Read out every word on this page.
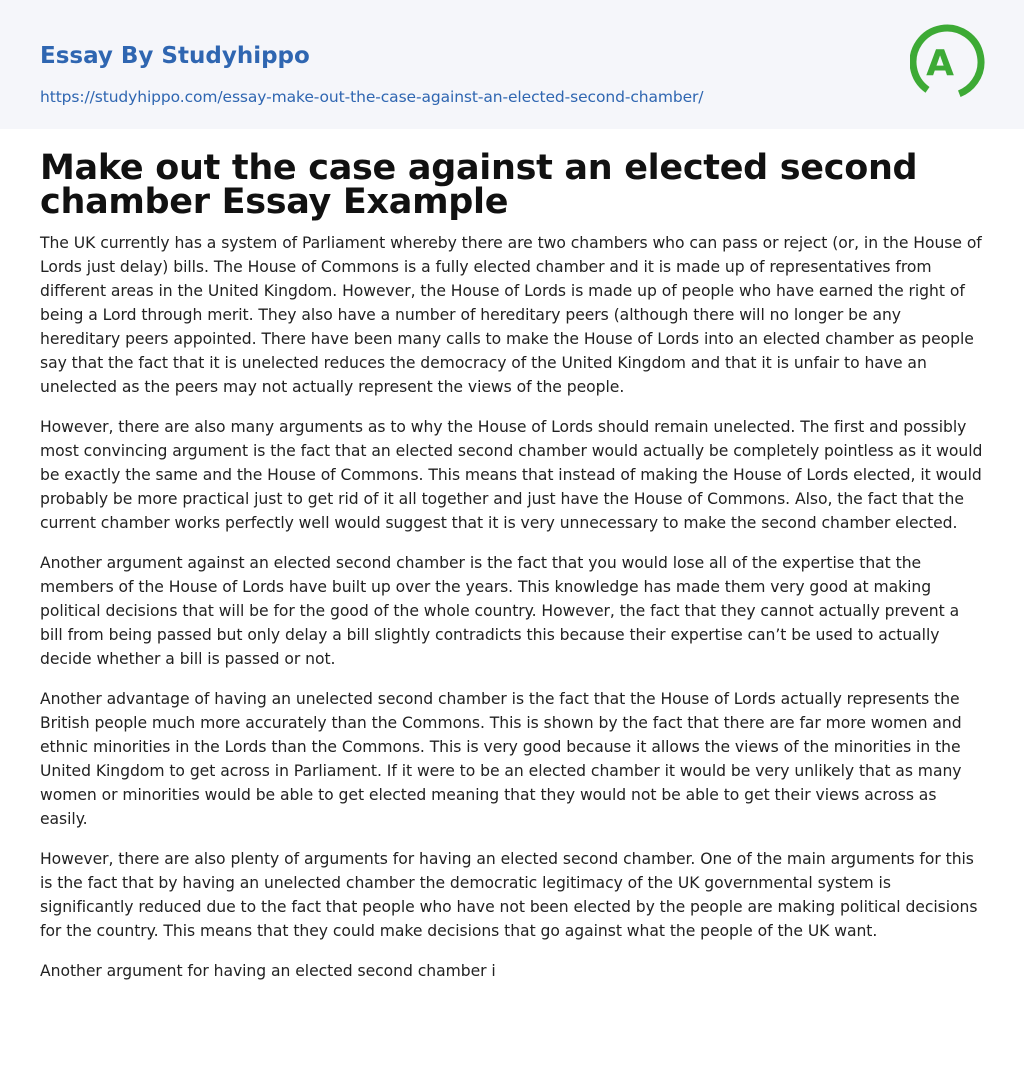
Essay By Studyhippo
https://studyhippo.com/essay-make-out-the-case-against-an-elected-second-chamber/
A
Make out the case against an elected second chamber Essay Example

The UK currently has a system of Parliament whereby there are two chambers who can pass or reject (or, in the House of Lords just delay) bills. The House of Commons is a fully elected chamber and it is made up of representatives from different areas in the United Kingdom. However, the House of Lords is made up of people who have earned the right of being a Lord through merit. They also have a number of hereditary peers (although there will no longer be any hereditary peers appointed. There have been many calls to make the House of Lords into an elected chamber as people say that the fact that it is unelected reduces the democracy of the United Kingdom and that it is unfair to have an unelected as the peers may not actually represent the views of the people.

However, there are also many arguments as to why the House of Lords should remain unelected. The first and possibly most convincing argument is the fact that an elected second chamber would actually be completely pointless as it would be exactly the same and the House of Commons. This means that instead of making the House of Lords elected, it would probably be more practical just to get rid of it all together and just have the House of Commons. Also, the fact that the current chamber works perfectly well would suggest that it is very unnecessary to make the second chamber elected.

Another argument against an elected second chamber is the fact that you would lose all of the expertise that the members of the House of Lords have built up over the years. This knowledge has made them very good at making political decisions that will be for the good of the whole country. However, the fact that they cannot actually prevent a bill from being passed but only delay a bill slightly contradicts this because their expertise can’t be used to actually decide whether a bill is passed or not.

Another advantage of having an unelected second chamber is the fact that the House of Lords actually represents the British people much more accurately than the Commons. This is shown by the fact that there are far more women and ethnic minorities in the Lords than the Commons. This is very good because it allows the views of the minorities in the United Kingdom to get across in Parliament. If it were to be an elected chamber it would be very unlikely that as many women or minorities would be able to get elected meaning that they would not be able to get their views across as easily.

However, there are also plenty of arguments for having an elected second chamber. One of the main arguments for this is the fact that by having an unelected chamber the democratic legitimacy of the UK governmental system is significantly reduced due to the fact that people who have not been elected by the people are making political decisions for the country. This means that they could make decisions that go against what the people of the UK want.

Another argument for having an elected second chamber i
